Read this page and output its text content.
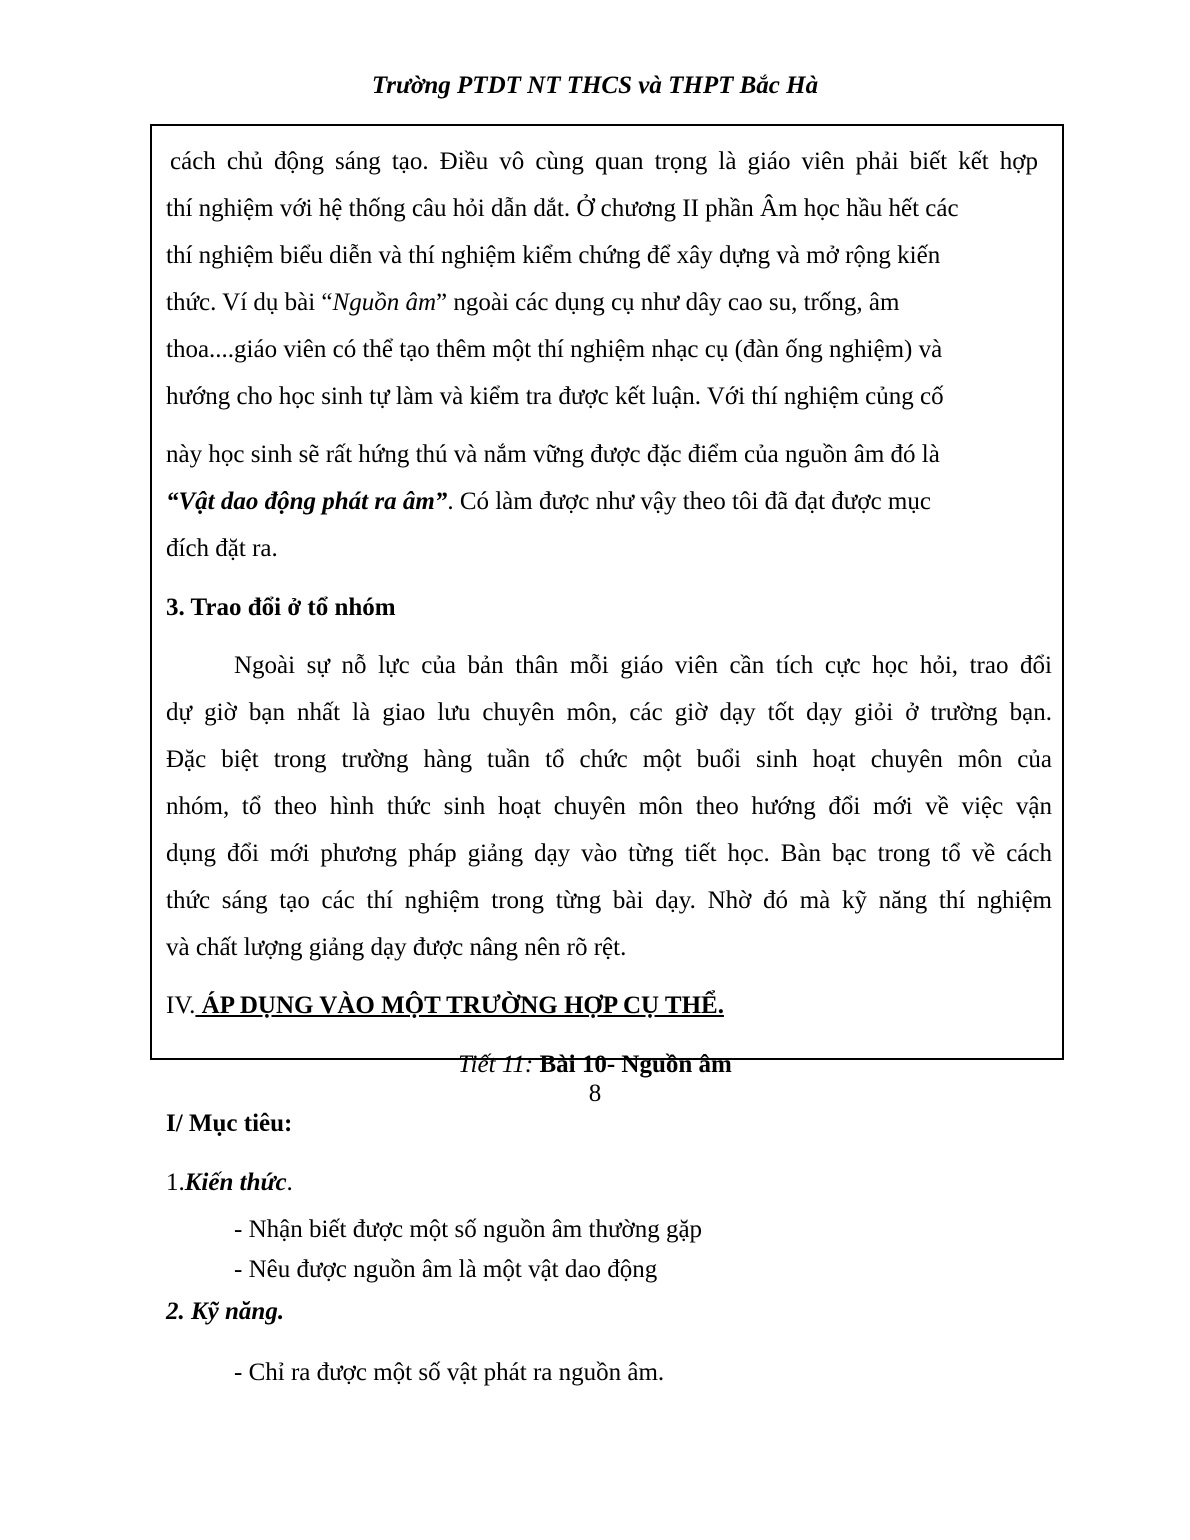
Trường PTDT NT THCS và THPT Bắc Hà
cách chủ động sáng tạo. Điều vô cùng quan trọng là giáo viên phải biết kết hợp
thí nghiệm với hệ thống câu hỏi dẫn dắt. Ở chương II phần Âm học hầu hết các
thí nghiệm biểu diễn và thí nghiệm kiểm chứng để xây dựng và mở rộng kiến
thức. Ví dụ bài “Nguồn âm” ngoài các dụng cụ như dây cao su, trống, âm
thoa....giáo viên có thể tạo thêm một thí nghiệm nhạc cụ (đàn ống nghiệm) và
hướng cho học sinh tự làm và kiểm tra được kết luận. Với thí nghiệm củng cố
này học sinh sẽ rất hứng thú và nắm vững được đặc điểm của nguồn âm đó là
“Vật dao động phát ra âm”. Có làm được như vậy theo tôi đã đạt được mục
đích đặt ra.
3. Trao đổi ở tổ nhóm
Ngoài sự nỗ lực của bản thân mỗi giáo viên cần tích cực học hỏi, trao đổi
dự giờ bạn nhất là giao lưu chuyên môn, các giờ dạy tốt dạy giỏi ở trường bạn.
Đặc biệt trong trường hàng tuần tổ chức một buổi sinh hoạt chuyên môn của
nhóm, tổ theo hình thức sinh hoạt chuyên môn theo hướng đổi mới về việc vận
dụng đổi mới phương pháp giảng dạy vào từng tiết học. Bàn bạc trong tổ về cách
thức sáng tạo các thí nghiệm trong từng bài dạy. Nhờ đó mà kỹ năng thí nghiệm
và chất lượng giảng dạy được nâng nên rõ rệt.
IV. ÁP DỤNG VÀO MỘT TRƯỜNG HỢP CỤ THỂ.
Tiết 11: Bài 10- Nguồn âm
I/ Mục tiêu:
1.Kiến thức.
- Nhận biết được một số nguồn âm thường gặp
- Nêu được nguồn âm là một vật dao động
2. Kỹ năng.
- Chỉ ra được một số vật phát ra nguồn âm.
8
